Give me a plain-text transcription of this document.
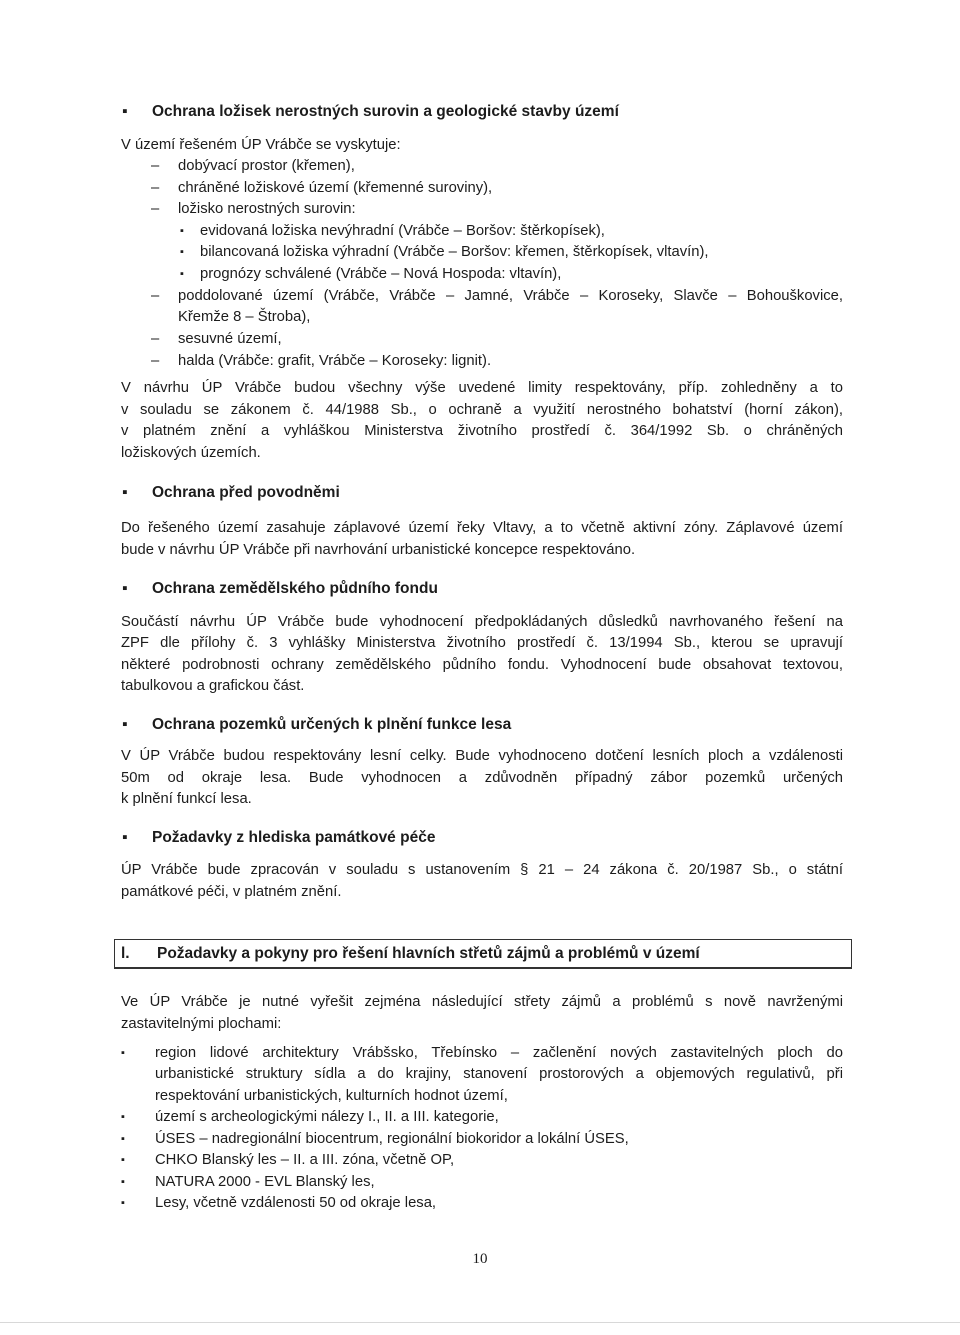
▪ Ochrana ložisek nerostných surovin a geologické stavby území
V území řešeném ÚP Vrábče se vyskytuje:
– dobývací prostor (křemen),
– chráněné ložiskové území (křemenné suroviny),
– ložisko nerostných surovin:
▪ evidovaná ložiska nevýhradní (Vrábče – Boršov: štěrkopísek),
▪ bilancovaná ložiska výhradní (Vrábče – Boršov: křemen, štěrkopísek, vltavín),
▪ prognózy schválené (Vrábče – Nová Hospoda: vltavín),
– poddolované území (Vrábče, Vrábče – Jamné, Vrábče – Koroseky, Slavče – Bohouškovice,
Křemže 8 – Štroba),
– sesuvné území,
– halda (Vrábče: grafit, Vrábče – Koroseky: lignit).
V návrhu ÚP Vrábče budou všechny výše uvedené limity respektovány, příp. zohledněny a to
v souladu se zákonem č. 44/1988 Sb., o ochraně a využití nerostného bohatství (horní zákon),
v platném znění a vyhláškou Ministerstva životního prostředí č. 364/1992 Sb. o chráněných
ložiskových územích.
▪ Ochrana před povodněmi
Do řešeného území zasahuje záplavové území řeky Vltavy, a to včetně aktivní zóny. Záplavové území
bude v návrhu ÚP Vrábče při navrhování urbanistické koncepce respektováno.
▪ Ochrana zemědělského půdního fondu
Součástí návrhu ÚP Vrábče bude vyhodnocení předpokládaných důsledků navrhovaného řešení na
ZPF dle přílohy č. 3 vyhlášky Ministerstva životního prostředí č. 13/1994 Sb., kterou se upravují
některé podrobnosti ochrany zemědělského půdního fondu. Vyhodnocení bude obsahovat textovou,
tabulkovou a grafickou část.
▪ Ochrana pozemků určených k plnění funkce lesa
V ÚP Vrábče budou respektovány lesní celky. Bude vyhodnoceno dotčení lesních ploch a vzdálenosti
50m od okraje lesa. Bude vyhodnocen a zdůvodněn případný zábor pozemků určených
k plnění funkcí lesa.
▪ Požadavky z hlediska památkové péče
ÚP Vrábče bude zpracován v souladu s ustanovením § 21 – 24 zákona č. 20/1987 Sb., o státní
památkové péči, v platném znění.
l. Požadavky a pokyny pro řešení hlavních střetů zájmů a problémů v území
Ve ÚP Vrábče je nutné vyřešit zejména následující střety zájmů a problémů s nově navrženými
zastavitelnými plochami:
▪ region lidové architektury Vrábšsko, Třebínsko – začlenění nových zastavitelných ploch do
urbanistické struktury sídla a do krajiny, stanovení prostorových a objemových regulativů, při
respektování urbanistických, kulturních hodnot území,
▪ území s archeologickými nálezy I., II. a III. kategorie,
▪ ÚSES – nadregionální biocentrum, regionální biokoridor a lokální ÚSES,
▪ CHKO Blanský les – II. a III. zóna, včetně OP,
▪ NATURA 2000 - EVL Blanský les,
▪ Lesy, včetně vzdálenosti 50 od okraje lesa,
10
